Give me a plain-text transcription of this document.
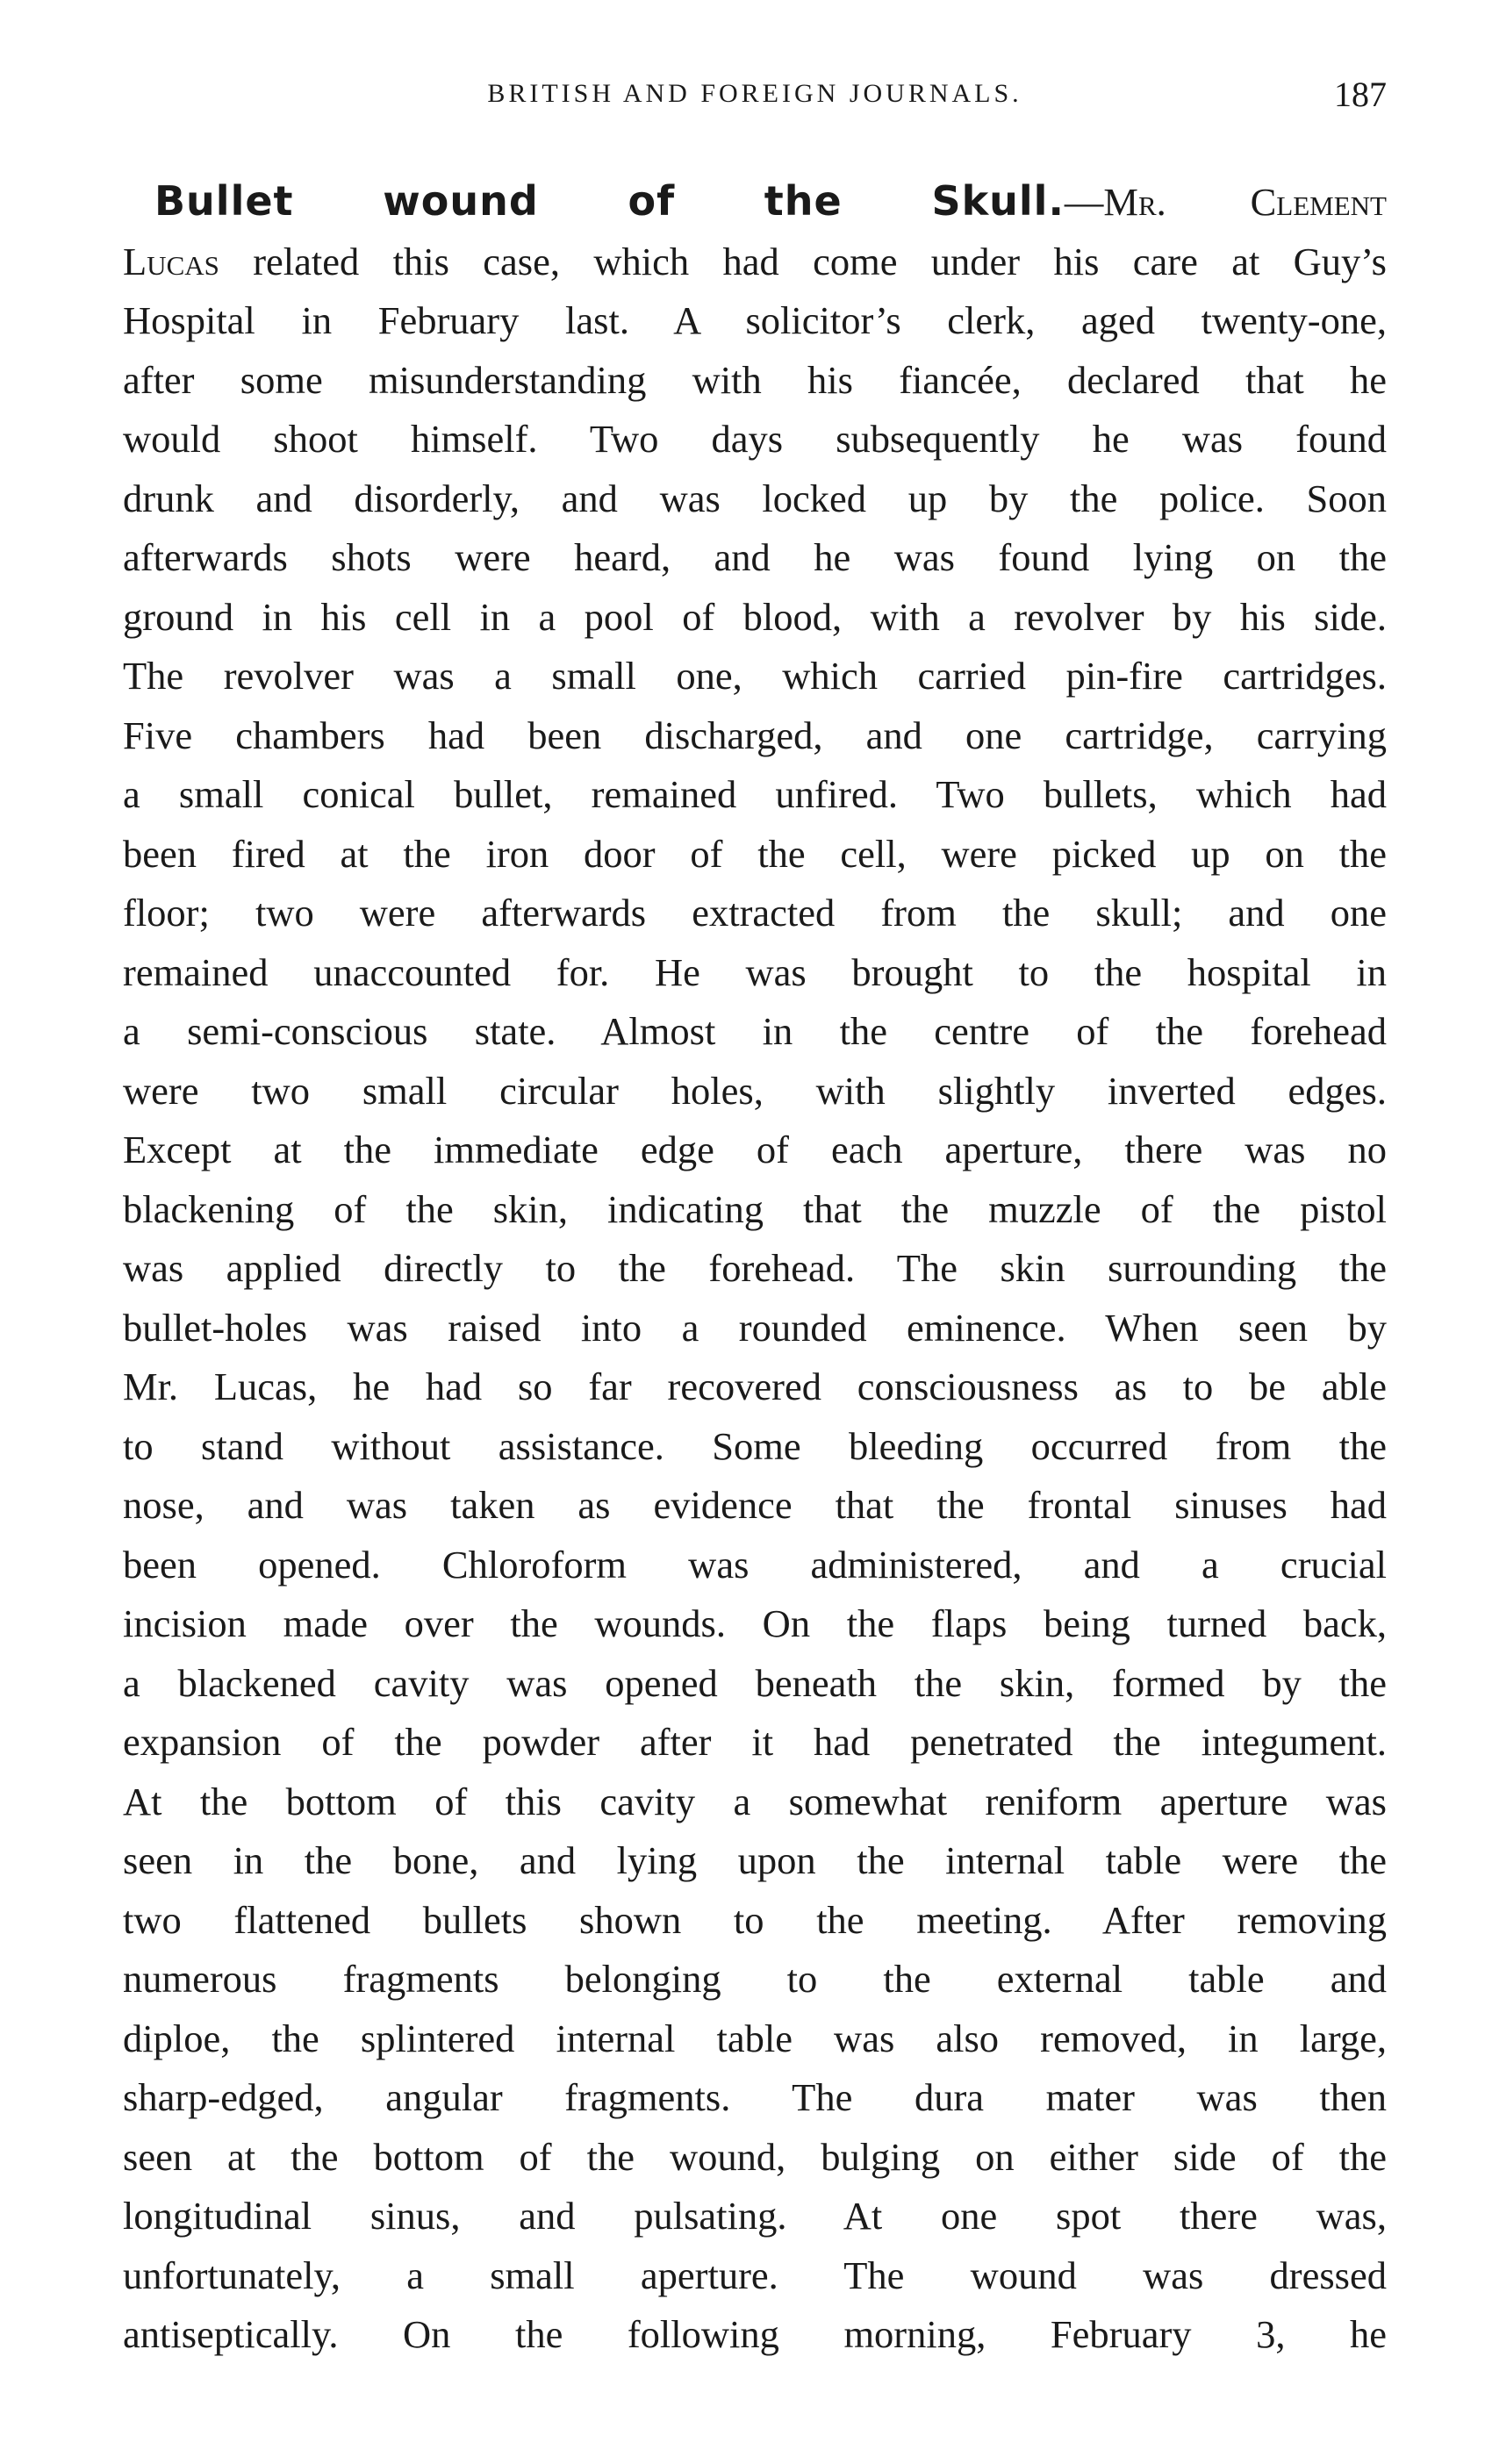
BRITISH AND FOREIGN JOURNALS.	187
Bullet wound of the Skull.—Mr. Clement
Lucas related this case, which had come under his care at Guy’s
Hospital in February last. A solicitor’s clerk, aged twenty-one,
after some misunderstanding with his fiancée, declared that he
would shoot himself. Two days subsequently he was found
drunk and disorderly, and was locked up by the police. Soon
afterwards shots were heard, and he was found lying on the
ground in his cell in a pool of blood, with a revolver by his side.
The revolver was a small one, which carried pin-fire cartridges.
Five chambers had been discharged, and one cartridge, carrying
a small conical bullet, remained unfired. Two bullets, which had
been fired at the iron door of the cell, were picked up on the
floor; two were afterwards extracted from the skull; and one
remained unaccounted for. He was brought to the hospital in
a semi-conscious state. Almost in the centre of the forehead
were two small circular holes, with slightly inverted edges.
Except at the immediate edge of each aperture, there was no
blackening of the skin, indicating that the muzzle of the pistol
was applied directly to the forehead. The skin surrounding the
bullet-holes was raised into a rounded eminence. When seen by
Mr. Lucas, he had so far recovered consciousness as to be able
to stand without assistance. Some bleeding occurred from the
nose, and was taken as evidence that the frontal sinuses had
been opened. Chloroform was administered, and a crucial
incision made over the wounds. On the flaps being turned back,
a blackened cavity was opened beneath the skin, formed by the
expansion of the powder after it had penetrated the integument.
At the bottom of this cavity a somewhat reniform aperture was
seen in the bone, and lying upon the internal table were the
two flattened bullets shown to the meeting. After removing
numerous fragments belonging to the external table and
diploe, the splintered internal table was also removed, in large,
sharp-edged, angular fragments. The dura mater was then
seen at the bottom of the wound, bulging on either side of the
longitudinal sinus, and pulsating. At one spot there was,
unfortunately, a small aperture. The wound was dressed
antiseptically. On the following morning, February 3, he
